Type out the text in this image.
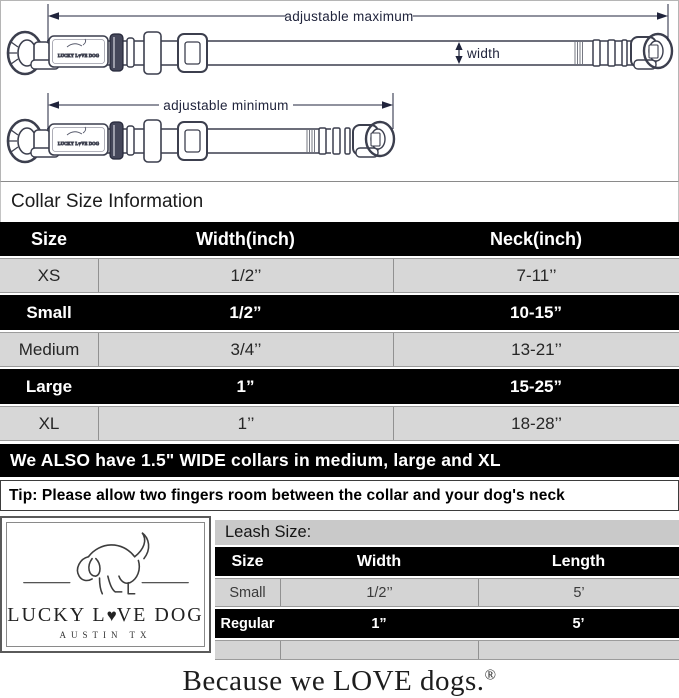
adjustable maximum
width
adjustable minimum
Collar Size Information
Size	Width(inch)	Neck(inch)
XS	1/2’’	7-11’’
Small	1/2”	10-15”
Medium	3/4’’	13-21’’
Large	1”	15-25”
XL	1’’	18-28’’
We ALSO have 1.5" WIDE collars in medium, large and XL
Tip: Please allow two fingers room between the collar and your dog's neck
LUCKY L♥VE DOG
AUSTIN TX
Leash Size:
Size	Width	Length
Small	1/2’’	5’
Regular	1”	5’
Because we LOVE dogs.®
